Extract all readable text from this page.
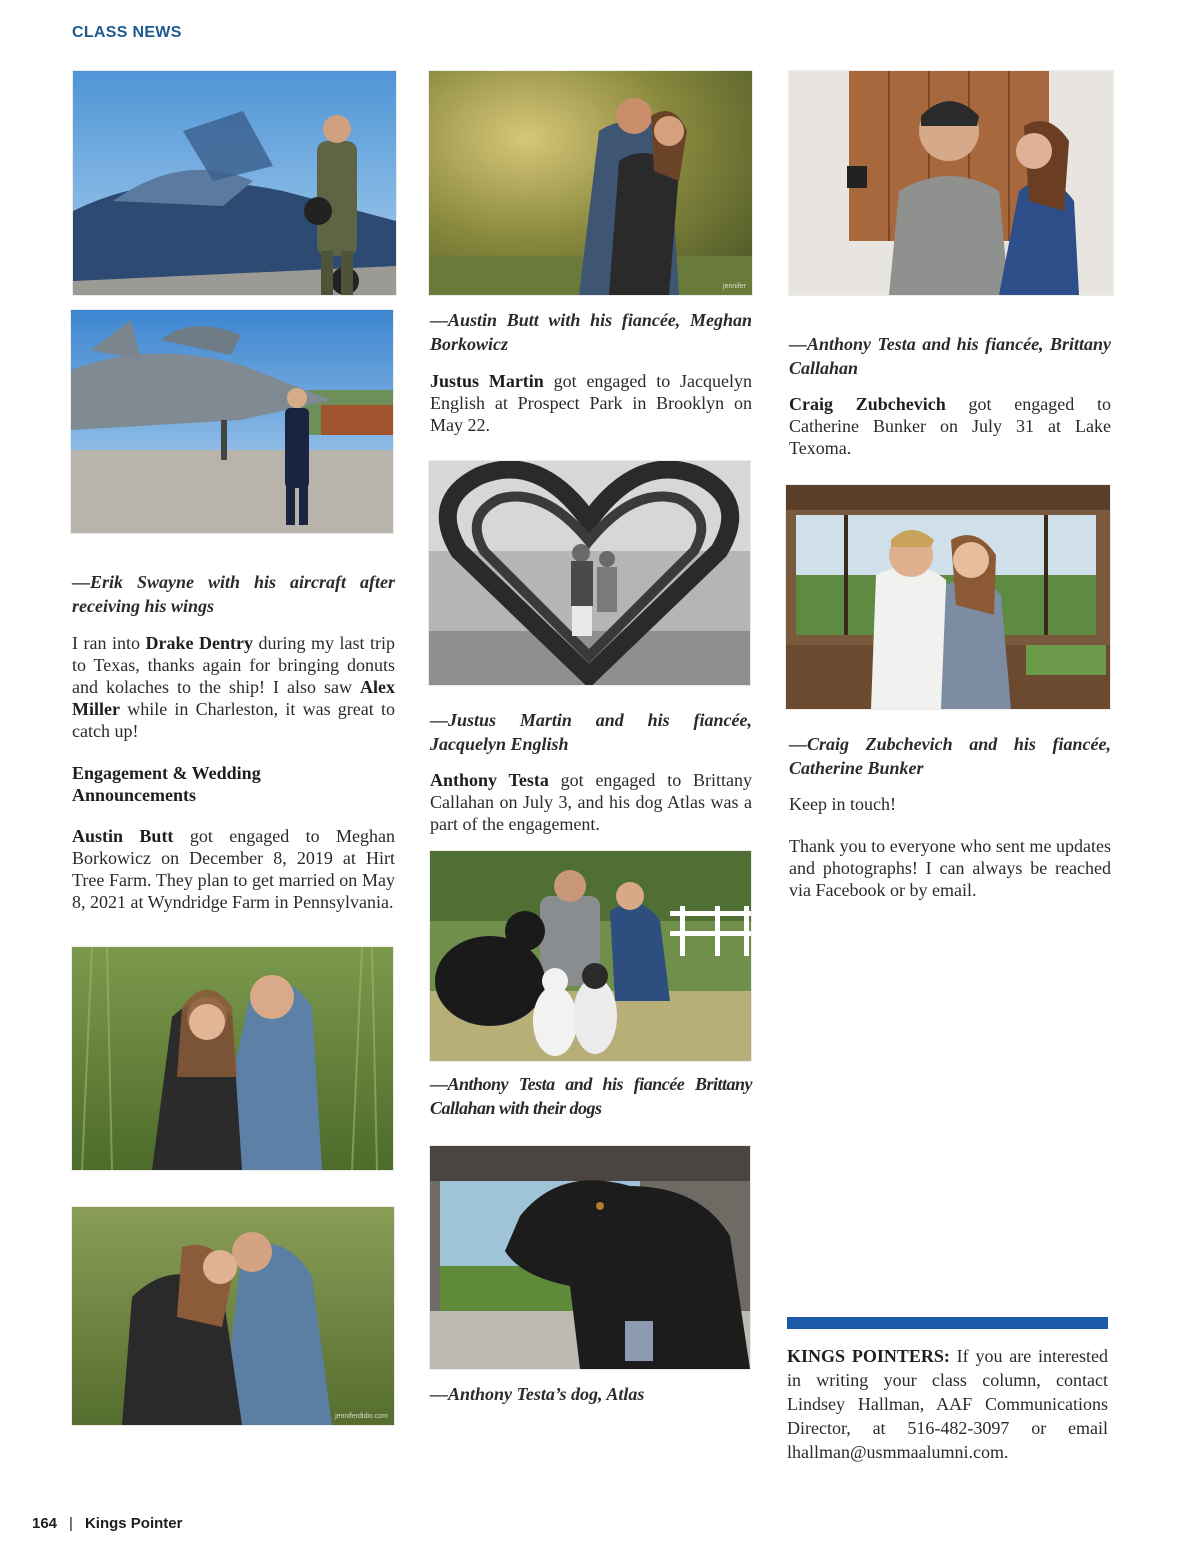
CLASS NEWS
—Erik Swayne with his aircraft after receiving his wings

I ran into Drake Dentry during my last trip to Texas, thanks again for bringing donuts and kolaches to the ship! I also saw Alex Miller while in Charleston, it was great to catch up!

Engagement & Wedding Announcements

Austin Butt got engaged to Meghan Borkowicz on December 8, 2019 at Hirt Tree Farm. They plan to get married on May 8, 2021 at Wyndridge Farm in Pennsylvania.

jenniferdidio.com
jennifer
—Austin Butt with his fiancée, Meghan Borkowicz

Justus Martin got engaged to Jacquelyn English at Prospect Park in Brooklyn on May 22.

—Justus Martin and his fiancée, Jacquelyn English

Anthony Testa got engaged to Brittany Callahan on July 3, and his dog Atlas was a part of the engagement.

—Anthony Testa and his fiancée Brittany Callahan with their dogs
—Anthony Testa’s dog, Atlas
—Anthony Testa and his fiancée, Brittany Callahan

Craig Zubchevich got engaged to Catherine Bunker on July 31 at Lake Texoma.

—Craig Zubchevich and his fiancée, Catherine Bunker

Keep in touch!

Thank you to everyone who sent me updates and photographs! I can always be reached via Facebook or by email.

KINGS POINTERS: If you are interested in writing your class column, contact Lindsey Hallman, AAF Communications Director, at 516-482-3097 or email lhallman@usmmaalumni.com.

164 | Kings Pointer
